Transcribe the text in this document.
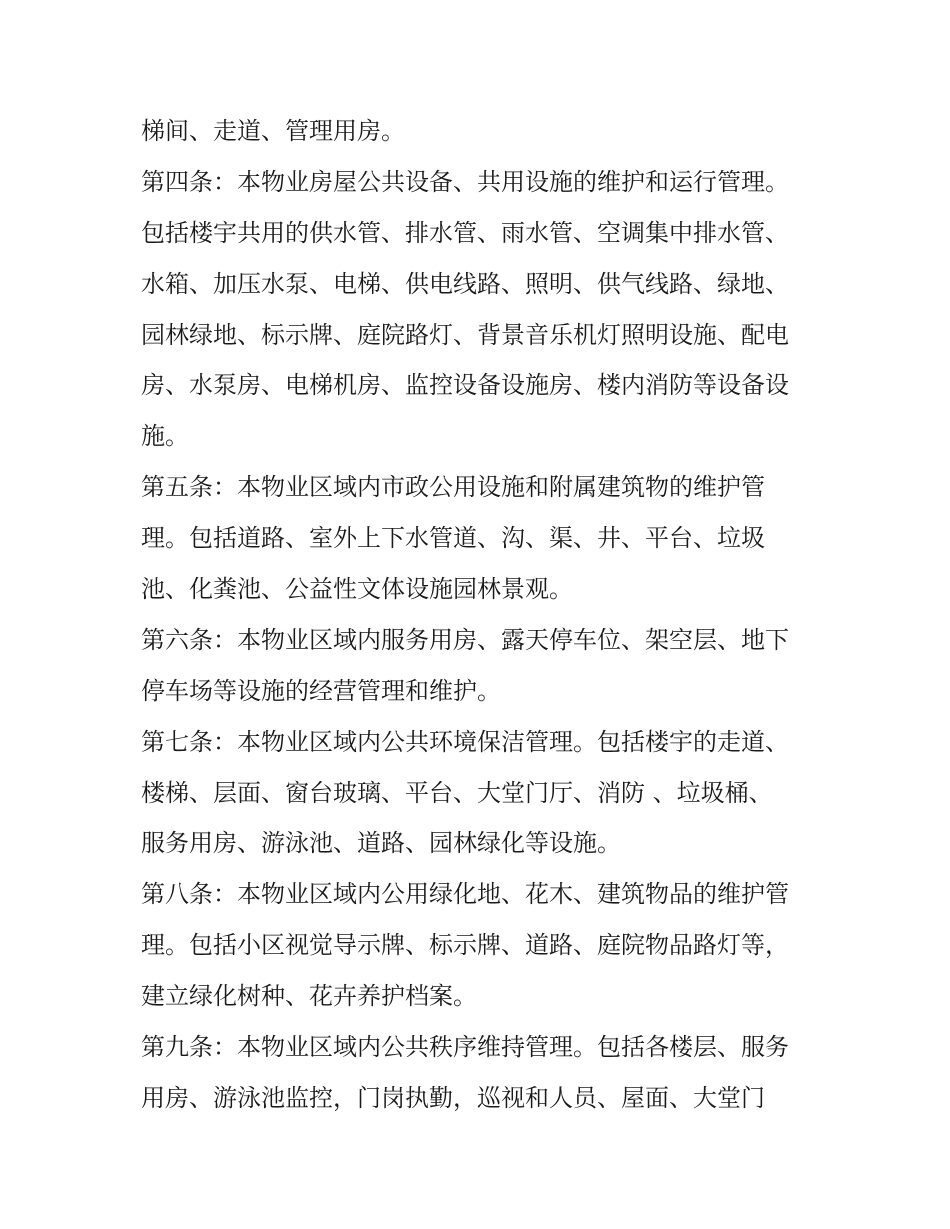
梯间、走道、管理用房。
第四条：本物业房屋公共设备、共用设施的维护和运行管理。
包括楼宇共用的供水管、排水管、雨水管、空调集中排水管、
水箱、加压水泵、电梯、供电线路、照明、供气线路、绿地、
园林绿地、标示牌、庭院路灯、背景音乐机灯照明设施、配电
房、水泵房、电梯机房、监控设备设施房、楼内消防等设备设
施。
第五条：本物业区域内市政公用设施和附属建筑物的维护管
理。包括道路、室外上下水管道、沟、渠、井、平台、垃圾
池、化粪池、公益性文体设施园林景观。
第六条：本物业区域内服务用房、露天停车位、架空层、地下
停车场等设施的经营管理和维护。
第七条：本物业区域内公共环境保洁管理。包括楼宇的走道、
楼梯、层面、窗台玻璃、平台、大堂门厅、消防 、垃圾桶、
服务用房、游泳池、道路、园林绿化等设施。
第八条：本物业区域内公用绿化地、花木、建筑物品的维护管
理。包括小区视觉导示牌、标示牌、道路、庭院物品路灯等，
建立绿化树种、花卉养护档案。
第九条：本物业区域内公共秩序维持管理。包括各楼层、服务
用房、游泳池监控，门岗执勤，巡视和人员、屋面、大堂门
